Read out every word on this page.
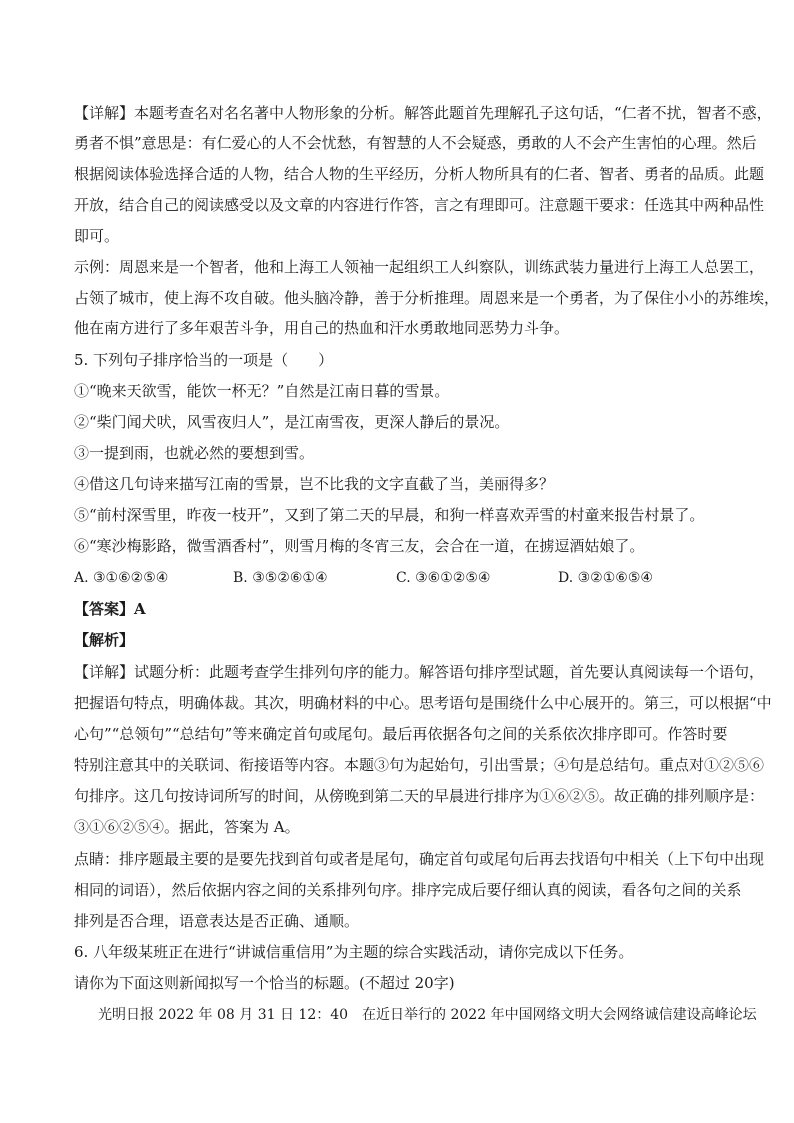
【详解】本题考查名对名名著中人物形象的分析。解答此题首先理解孔子这句话，“仁者不扰，智者不惑，
勇者不惧”意思是：有仁爱心的人不会忧愁，有智慧的人不会疑惑，勇敢的人不会产生害怕的心理。然后
根据阅读体验选择合适的人物，结合人物的生平经历，分析人物所具有的仁者、智者、勇者的品质。此题
开放，结合自己的阅读感受以及文章的内容进行作答，言之有理即可。注意题干要求：任选其中两种品性
即可。
示例：周恩来是一个智者，他和上海工人领袖一起组织工人纠察队，训练武装力量进行上海工人总罢工，
占领了城市，使上海不攻自破。他头脑冷静，善于分析推理。周恩来是一个勇者，为了保住小小的苏维埃，
他在南方进行了多年艰苦斗争，用自己的热血和汗水勇敢地同恶势力斗争。
5. 下列句子排序恰当的一项是（　　）
①“晚来天欲雪，能饮一杯无？”自然是江南日暮的雪景。
②“柴门闻犬吠，风雪夜归人”，是江南雪夜，更深人静后的景况。
③一提到雨，也就必然的要想到雪。
④借这几句诗来描写江南的雪景，岂不比我的文字直截了当，美丽得多？
⑤“前村深雪里，昨夜一枝开”，又到了第二天的早晨，和狗一样喜欢弄雪的村童来报告村景了。
⑥“寒沙梅影路，微雪酒香村”，则雪月梅的冬宵三友，会合在一道，在掳逗酒姑娘了。
A. ③①⑥②⑤④	B. ③⑤②⑥①④	C. ③⑥①②⑤④	D. ③②①⑥⑤④
【答案】A
【解析】
【详解】试题分析：此题考查学生排列句序的能力。解答语句排序型试题，首先要认真阅读每一个语句，
把握语句特点，明确体裁。其次，明确材料的中心。思考语句是围绕什么中心展开的。第三，可以根据“中
心句”“总领句”“总结句”等来确定首句或尾句。最后再依据各句之间的关系依次排序即可。作答时要
特别注意其中的关联词、衔接语等内容。本题③句为起始句，引出雪景；④句是总结句。重点对①②⑤⑥
句排序。这几句按诗词所写的时间，从傍晚到第二天的早晨进行排序为①⑥②⑤。故正确的排列顺序是：
③①⑥②⑤④。据此，答案为 A。
点睛：排序题最主要的是要先找到首句或者是尾句，确定首句或尾句后再去找语句中相关（上下句中出现
相同的词语），然后依据内容之间的关系排列句序。排序完成后要仔细认真的阅读，看各句之间的关系
排列是否合理，语意表达是否正确、通顺。
6. 八年级某班正在进行“讲诚信重信用”为主题的综合实践活动，请你完成以下任务。
请你为下面这则新闻拟写一个恰当的标题。(不超过 20字)
光明日报 2022 年 08 月 31 日 12：40　在近日举行的 2022 年中国网络文明大会网络诚信建设高峰论坛
